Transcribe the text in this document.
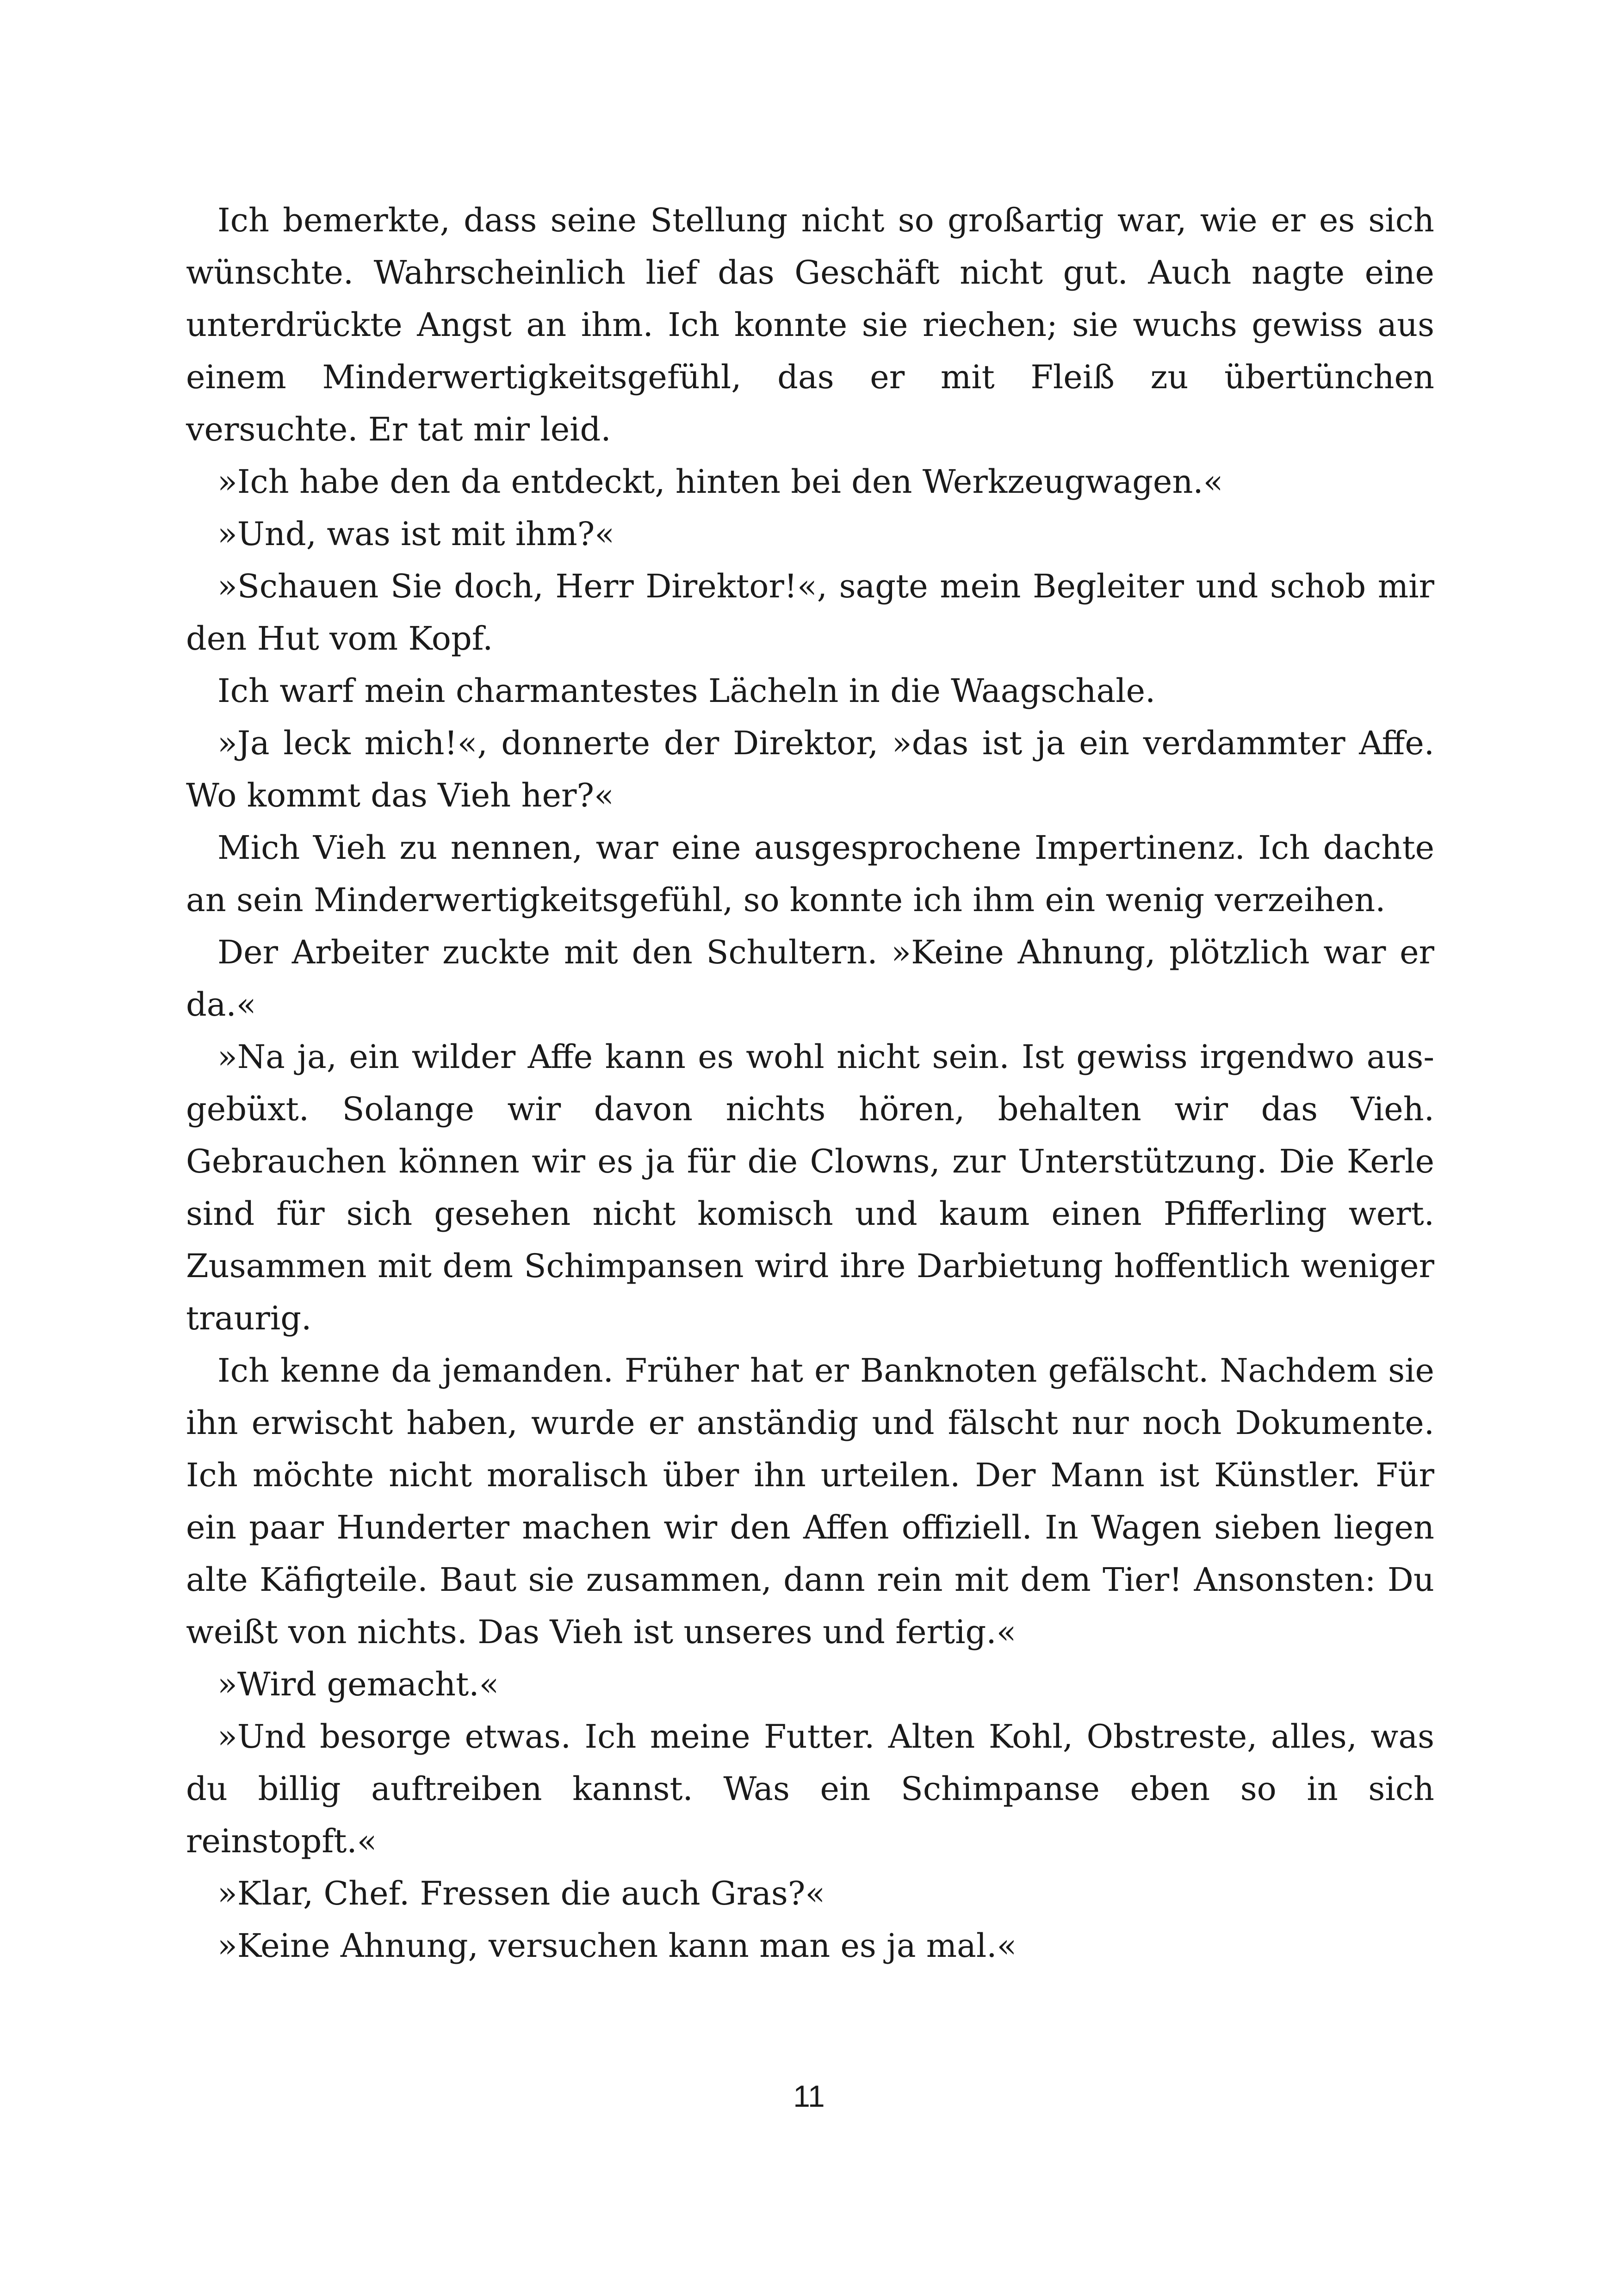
Ich bemerkte, dass seine Stellung nicht so großartig war, wie er es sich wünschte. Wahrscheinlich lief das Geschäft nicht gut. Auch nagte eine unterdrückte Angst an ihm. Ich konnte sie riechen; sie wuchs gewiss aus einem Minderwertigkeitsgefühl, das er mit Fleiß zu übertünchen versuchte. Er tat mir leid.

»Ich habe den da entdeckt, hinten bei den Werkzeugwagen.«

»Und, was ist mit ihm?«

»Schauen Sie doch, Herr Direktor!«, sagte mein Begleiter und schob mir den Hut vom Kopf.

Ich warf mein charmantestes Lächeln in die Waagschale.

»Ja leck mich!«, donnerte der Direktor, »das ist ja ein verdammter Affe. Wo kommt das Vieh her?«

Mich Vieh zu nennen, war eine ausgesprochene Impertinenz. Ich dachte an sein Minderwertigkeitsgefühl, so konnte ich ihm ein wenig verzeihen.

Der Arbeiter zuckte mit den Schultern. »Keine Ahnung, plötzlich war er da.«

»Na ja, ein wilder Affe kann es wohl nicht sein. Ist gewiss irgendwo ausgebüxt. Solange wir davon nichts hören, behalten wir das Vieh. Gebrauchen können wir es ja für die Clowns, zur Unterstützung. Die Kerle sind für sich gesehen nicht komisch und kaum einen Pfifferling wert. Zusammen mit dem Schimpansen wird ihre Darbietung hoffentlich weniger traurig.

Ich kenne da jemanden. Früher hat er Banknoten gefälscht. Nachdem sie ihn erwischt haben, wurde er anständig und fälscht nur noch Dokumente. Ich möchte nicht moralisch über ihn urteilen. Der Mann ist Künstler. Für ein paar Hunderter machen wir den Affen offiziell. In Wagen sieben liegen alte Käfigteile. Baut sie zusammen, dann rein mit dem Tier! Ansonsten: Du weißt von nichts. Das Vieh ist unseres und fertig.«

»Wird gemacht.«

»Und besorge etwas. Ich meine Futter. Alten Kohl, Obstreste, alles, was du billig auftreiben kannst. Was ein Schimpanse eben so in sich reinstopft.«

»Klar, Chef. Fressen die auch Gras?«

»Keine Ahnung, versuchen kann man es ja mal.«

11
